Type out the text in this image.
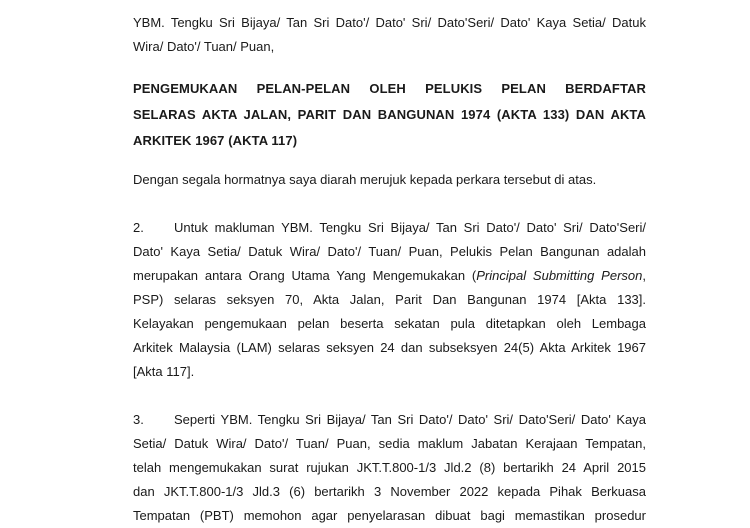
YBM. Tengku Sri Bijaya/ Tan Sri Dato'/ Dato' Sri/ Dato'Seri/ Dato' Kaya Setia/ Datuk
Wira/ Dato'/ Tuan/ Puan,
PENGEMUKAAN PELAN-PELAN OLEH PELUKIS PELAN BERDAFTAR
SELARAS AKTA JALAN, PARIT DAN BANGUNAN 1974 (AKTA 133) DAN AKTA
ARKITEK 1967 (AKTA 117)
Dengan segala hormatnya saya diarah merujuk kepada perkara tersebut di atas.
2. Untuk makluman YBM. Tengku Sri Bijaya/ Tan Sri Dato'/ Dato' Sri/ Dato'Seri/
Dato' Kaya Setia/ Datuk Wira/ Dato'/ Tuan/ Puan, Pelukis Pelan Bangunan adalah
merupakan antara Orang Utama Yang Mengemukakan (Principal Submitting Person,
PSP) selaras seksyen 70, Akta Jalan, Parit Dan Bangunan 1974 [Akta 133].
Kelayakan pengemukaan pelan beserta sekatan pula ditetapkan oleh Lembaga
Arkitek Malaysia (LAM) selaras seksyen 24 dan subseksyen 24(5) Akta Arkitek 1967
[Akta 117].
3. Seperti YBM. Tengku Sri Bijaya/ Tan Sri Dato'/ Dato' Sri/ Dato'Seri/ Dato' Kaya
Setia/ Datuk Wira/ Dato'/ Tuan/ Puan, sedia maklum Jabatan Kerajaan Tempatan,
telah mengemukakan surat rujukan JKT.T.800-1/3 Jld.2 (8) bertarikh 24 April 2015
dan JKT.T.800-1/3 Jld.3 (6) bertarikh 3 November 2022 kepada Pihak Berkuasa
Tempatan (PBT) memohon agar penyelarasan dibuat bagi memastikan prosedur
